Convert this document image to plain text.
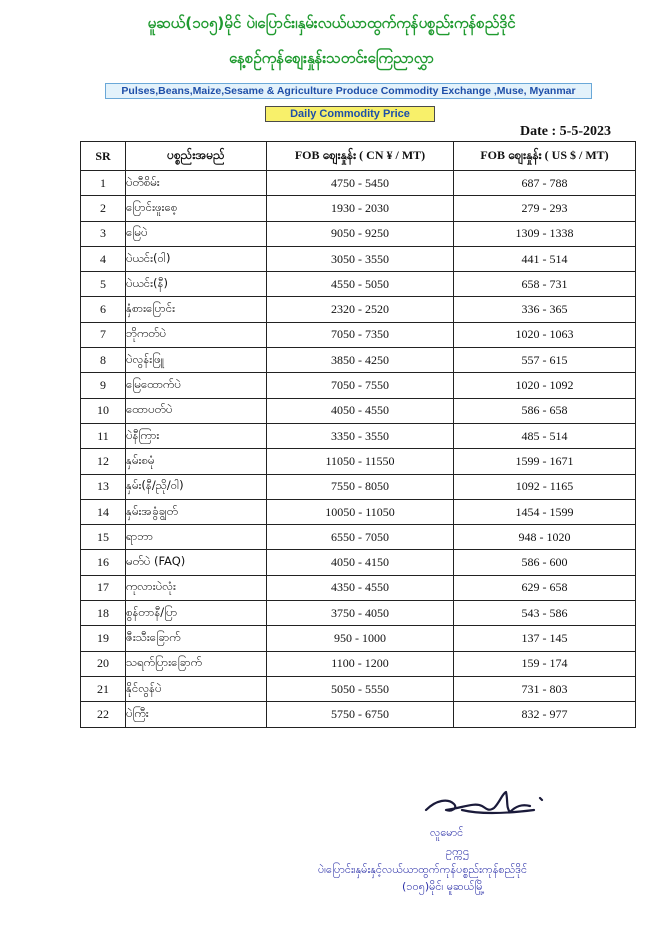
မူဆယ်(၁၀၅)မိုင် ပဲ၊ပြောင်း၊နှမ်းလယ်ယာထွက်ကုန်ပစ္စည်းကုန်စည်ဒိုင်
နေ့စဉ်ကုန်စျေးနှုန်းသတင်းကြေညာလွှာ
Pulses,Beans,Maize,Sesame & Agriculture Produce Commodity Exchange ,Muse, Myanmar
Daily Commodity Price
Date : 5-5-2023
SR	ပစ္စည်းအမည်	FOB စျေးနှုန်း ( CN ¥ / MT)	FOB စျေးနှုန်း ( US $ / MT)
1	ပဲတီစိမ်း	4750 - 5450	687 - 788
2	ပြောင်းဖူးစေ့	1930 - 2030	279 - 293
3	မြေပဲ	9050 - 9250	1309 - 1338
4	ပဲယင်း(ဝါ)	3050 - 3550	441 - 514
5	ပဲယင်း(နီ)	4550 - 5050	658 - 731
6	နှံစားပြောင်း	2320 - 2520	336 - 365
7	ဘိုကတ်ပဲ	7050 - 7350	1020 - 1063
8	ပဲလွန်းဖြူ	3850 - 4250	557 - 615
9	မြေထောက်ပဲ	7050 - 7550	1020 - 1092
10	ထောပတ်ပဲ	4050 - 4550	586 - 658
11	ပဲနီကြား	3350 - 3550	485 - 514
12	နှမ်းစမုံ	11050 - 11550	1599 - 1671
13	နှမ်း(နီ/ညို/ဝါ)	7550 - 8050	1092 - 1165
14	နှမ်းအခွံချွတ်	10050 - 11050	1454 - 1599
15	ရာဘာ	6550 - 7050	948 - 1020
16	မတ်ပဲ (FAQ)	4050 - 4150	586 - 600
17	ကုလားပဲလုံး	4350 - 4550	629 - 658
18	စွန်တာနီ/ပြာ	3750 - 4050	543 - 586
19	ဇီးသီးခြောက်	950 - 1000	137 - 145
20	သရက်ပြားခြောက်	1100 - 1200	159 - 174
21	နိုင်လွန်ပဲ	5050 - 5550	731 - 803
22	ပဲကြီး	5750 - 6750	832 - 977
လူမောင်
ဥက္ကဌ
ပဲ၊ပြောင်း၊နှမ်းနှင့်လယ်ယာထွက်ကုန်ပစ္စည်းကုန်စည်ဒိုင်
(၁၀၅)မိုင်၊ မူဆယ်မြို့
